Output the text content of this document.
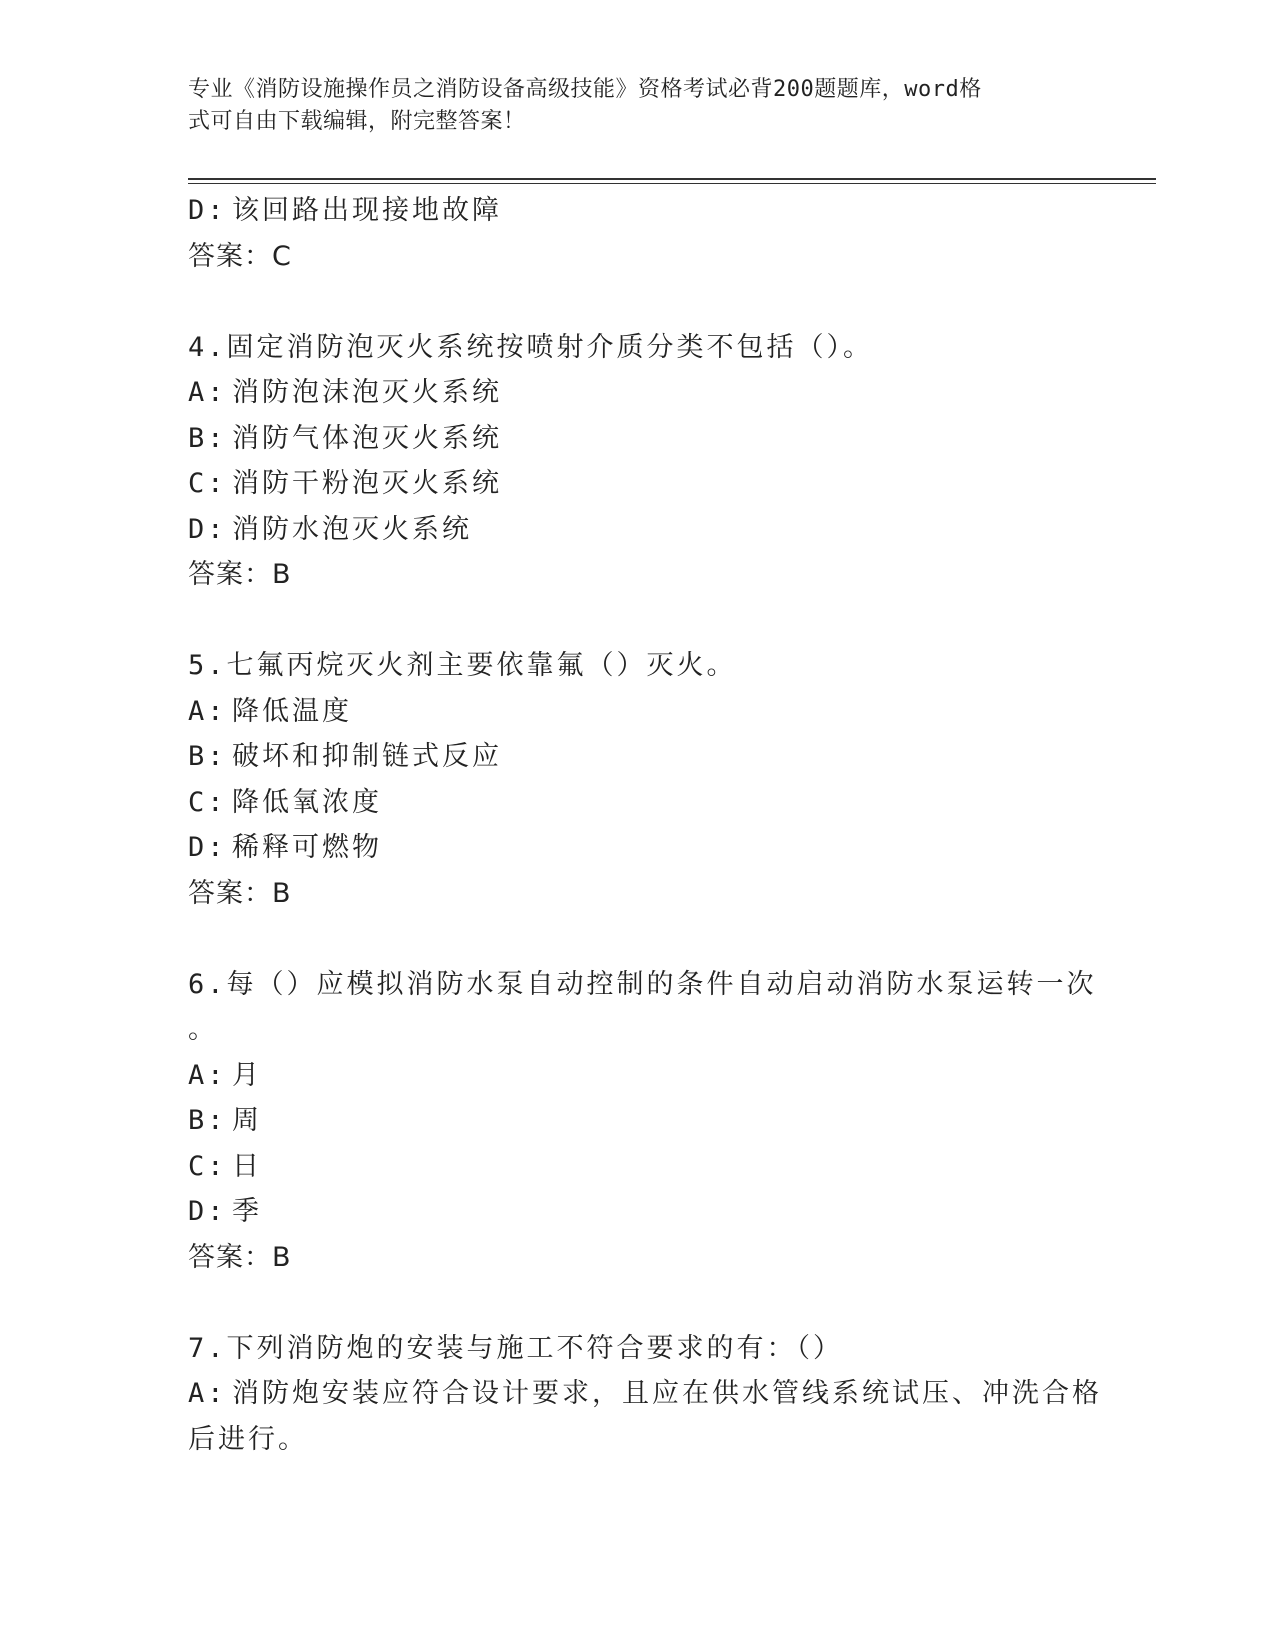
专业《消防设施操作员之消防设备高级技能》资格考试必背200题题库，word格
式可自由下载编辑，附完整答案！
D: 该回路出现接地故障
答案：C
4.固定消防泡灭火系统按喷射介质分类不包括（）。
A: 消防泡沫泡灭火系统
B: 消防气体泡灭火系统
C: 消防干粉泡灭火系统
D: 消防水泡灭火系统
答案：B
5.七氟丙烷灭火剂主要依靠氟（）灭火。
A: 降低温度
B: 破坏和抑制链式反应
C: 降低氧浓度
D: 稀释可燃物
答案：B
6.每（）应模拟消防水泵自动控制的条件自动启动消防水泵运转一次
。
A: 月
B: 周
C: 日
D: 季
答案：B
7.下列消防炮的安装与施工不符合要求的有：（）
A: 消防炮安装应符合设计要求，且应在供水管线系统试压、冲洗合格
后进行。
